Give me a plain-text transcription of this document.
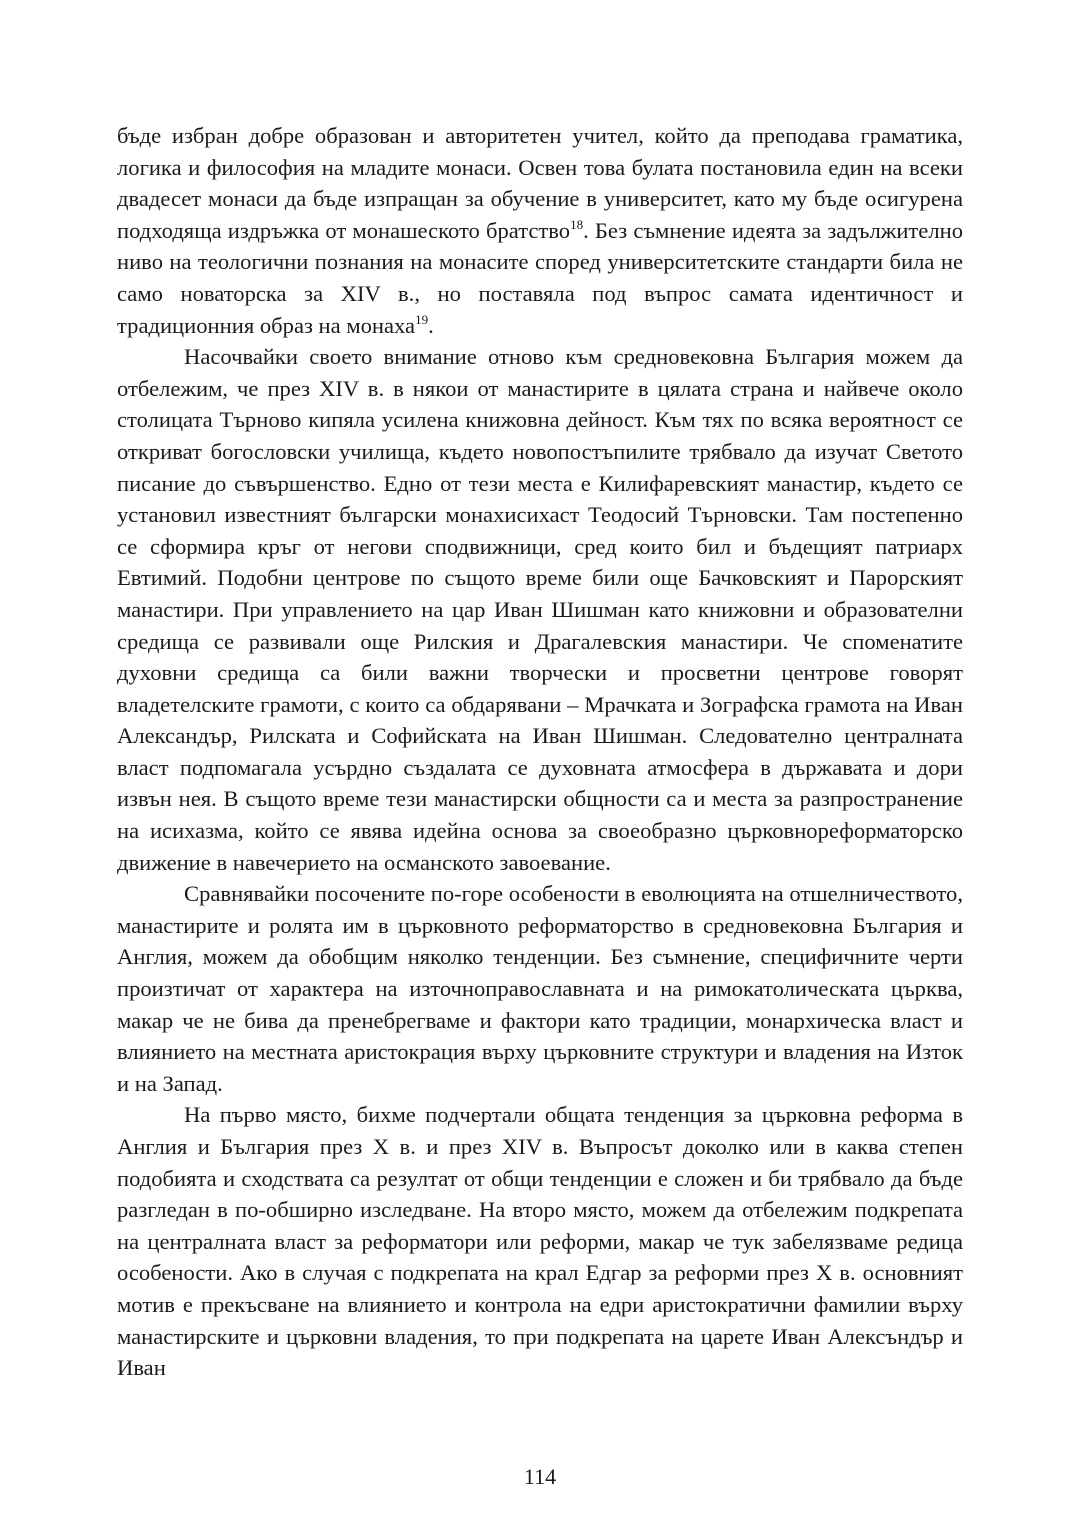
бъде избран добре образован и авторитетен учител, който да преподава граматика, логика и философия на младите монаси. Освен това булата постановила един на всеки двадесет монаси да бъде изпращан за обучение в университет, като му бъде осигурена подходяща издръжка от монашеското братство$^{18}$. Без съмнение идеята за задължително ниво на теологични познания на монасите според университетските стандарти била не само новаторска за XIV в., но поставяла под въпрос самата идентичност и традиционния образ на монаха$^{19}$.

Насочвайки своето внимание отново към средновековна България можем да отбележим, че през XIV в. в някои от манастирите в цялата страна и найвече около столицата Търново кипяла усилена книжовна дейност. Към тях по всяка вероятност се откриват богословски училища, където новопостъпилите трябвало да изучат Светото писание до съвършенство. Едно от тези места е Килифаревският манастир, където се установил известният български монахисихаст Теодосий Търновски. Там постепенно се сформира кръг от негови сподвижници, сред които бил и бъдещият патриарх Евтимий. Подобни центрове по същото време били още Бачковският и Парорският манастири. При управлението на цар Иван Шишман като книжовни и образователни средища се развивали още Рилския и Драгалевския манастири. Че споменатите духовни средища са били важни творчески и просветни центрове говорят владетелските грамоти, с които са обдарявани – Мрачката и Зографска грамота на Иван Александър, Рилската и Софийската на Иван Шишман. Следователно централната власт подпомагала усърдно създалата се духовната атмосфера в държавата и дори извън нея. В същото време тези манастирски общности са и места за разпространение на исихазма, който се явява идейна основа за своеобразно църковнореформаторско движение в навечерието на османското завоевание.

Сравнявайки посочените по-горе особености в еволюцията на отшелничеството, манастирите и ролята им в църковното реформаторство в средновековна България и Англия, можем да обобщим няколко тенденции. Без съмнение, специфичните черти произтичат от характера на източноправославната и на римокатолическата църква, макар че не бива да пренебрегваме и фактори като традиции, монархическа власт и влиянието на местната аристокрация върху църковните структури и владения на Изток и на Запад.

На първо място, бихме подчертали общата тенденция за църковна реформа в Англия и България през X в. и през XIV в. Въпросът доколко или в каква степен подобията и сходствата са резултат от общи тенденции е сложен и би трябвало да бъде разгледан в по-обширно изследване. На второ място, можем да отбележим подкрепата на централната власт за реформатори или реформи, макар че тук забелязваме редица особености. Ако в случая с подкрепата на крал Едгар за реформи през X в. основният мотив е прекъсване на влиянието и контрола на едри аристократични фамилии върху манастирските и църковни владения, то при подкрепата на царете Иван Алексъндър и Иван

114
